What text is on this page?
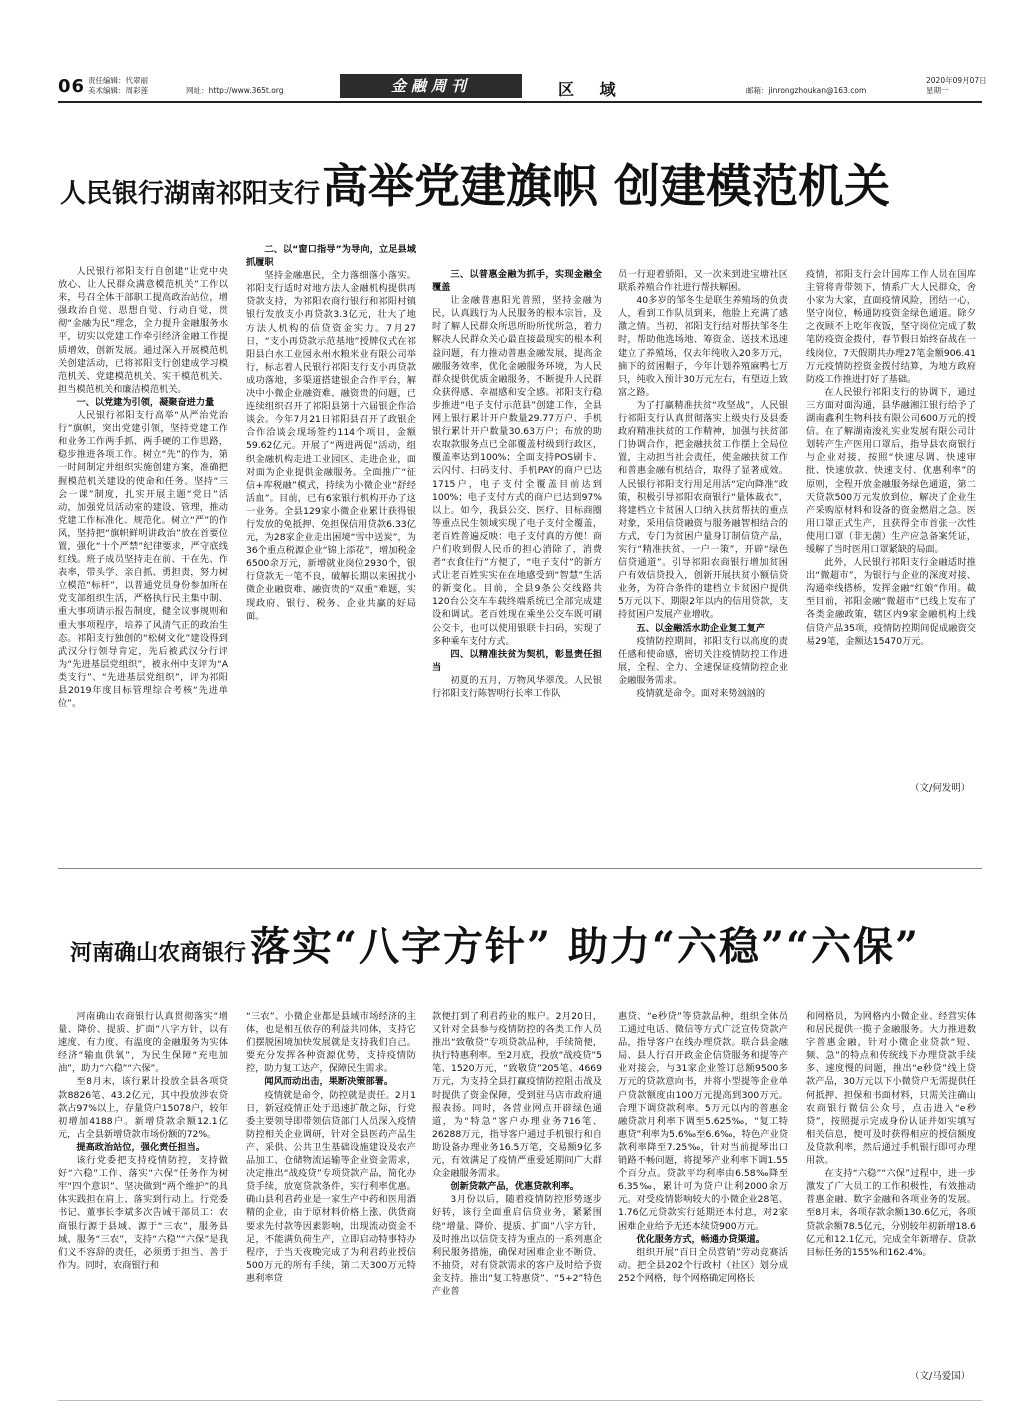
06 责任编辑：代翠丽
美术编辑：周彩莲	网址：http://www.365t.org	金融周刊	区 域	邮箱：jinrongzhoukan@163.com
2020年09月07日
星期一
人民银行湖南祁阳支行高举党建旗帜 创建模范机关

人民银行祁阳支行自创建“让党中央放心、让人民群众满意模范机关”工作以来，号召全体干部职工提高政治站位，增强政治自觉、思想自觉、行动自觉，贯彻“金融为民”理念，全力提升金融服务水平，切实以党建工作牵引经济金融工作提质增效，创新发展。通过深入开展模范机关创建活动，已将祁阳支行创建成学习模范机关、党建模范机关、实干模范机关、担当模范机关和廉洁模范机关。

一、以党建为引领，凝聚奋进力量

人民银行祁阳支行高举“从严治党治行”旗帜，突出党建引领，坚持党建工作和业务工作两手抓、两手硬的工作思路，稳步推进各项工作。树立“先”的作为，第一时间制定并组织实施创建方案，准确把握模范机关建设的使命和任务。坚持“三会一课”制度，扎实开展主题“党日”活动，加强党员活动室的建设、管理，推动党建工作标准化、规范化。树立“严”的作风，坚持把“旗帜鲜明讲政治”放在首要位置，强化“十个严禁”纪律要求，严守底线红线。班子成员坚持走在前、干在先、作表率，带头学、亲自抓、勇担责，努力树立模范“标杆”，以普通党员身份参加所在党支部组织生活，严格执行民主集中制、重大事项请示报告制度，健全议事规则和重大事项程序，培养了风清气正的政治生态。祁阳支行独创的“松树文化”建设得到武汉分行领导肯定，先后被武汉分行评为“先进基层党组织”，被永州中支评为“A类支行”、“先进基层党组织”，评为祁阳县2019年度目标管理综合考核“先进单位”。

二、以“窗口指导”为导向，立足县域抓履职

坚持金融惠民，全力落细落小落实。祁阳支行适时对地方法人金融机构提供再贷款支持，为祁阳农商行银行和祁阳村镇银行发放支小再贷款3.3亿元，壮大了地方法人机构的信贷资金实力。7月27日，“支小再贷款示范基地”授牌仪式在祁阳县白水工业园永州水粮米业有限公司举行，标志着人民银行祁阳支行支小再贷款成功落地，多渠道搭建银企合作平台，解决中小微企业融资难、融资贵的问题，已连续组织召开了祁阳县第十六届银企作洽谈会。今年7月21日祁阳县召开了政银企合作洽谈会现场签约114个项目，金额59.62亿元。开展了“两进两促”活动，组织金融机构走进工业园区、走进企业，面对面为企业提供金融服务。全面推广“征信+库税融”模式，持续为小微企业“舒经活血”。目前，已有6家银行机构开办了这一业务。全县129家小微企业累计获得银行发放的免抵押、免担保信用贷款6.33亿元，为28家企业走出困境“雪中送炭”，为36个重点税源企业“锦上添花”，增加税金6500余万元，新增就业岗位2930个，银行贷款无一笔不良，破解长期以来困扰小微企业融资难、融资贵的“双重”难题，实现政府、银行、税务、企业共赢的好局面。

三、以普惠金融为抓手，实现金融全覆盖

让金融普惠阳光普照，坚持金融为民，认真践行为人民服务的根本宗旨，及时了解人民群众所思所盼所忧所急，着力解决人民群众关心最直接最现实的根本利益问题，有力推动普惠金融发展，提高金融服务效率，优化金融服务环境，为人民群众提供优质金融服务，不断提升人民群众获得感、幸福感和安全感。祁阳支行稳步推进“电子支付示范县”创建工作，全县网上银行累计开户数量29.77万户、手机银行累计开户数量30.63万户；布放的助农取款服务点已全部覆盖村级到行政区，覆盖率达到100%；全面支持POS刷卡、云闪付、扫码支付、手机PAY的商户已达1715户，电子支付全覆盖目前达到100%；电子支付方式的商户已达到97%以上。如今，我县公交、医疗、目标商圈等重点民生领域实现了电子支付全覆盖，老百姓普遍反映：电子支付真的方便！商户们收到假人民币的担心消除了，消费者“衣食住行”方便了，“电子支付”的新方式让老百姓实实在在地感受到“智慧”生活的新变化。目前，全县9条公交线路共120台公交车车载终端系统已全部完成建设和调试。老百姓现在乘坐公交车既可刷公交卡，也可以使用银联卡扫码，实现了多种乘车支付方式。

四、以精准扶贫为契机，彰显责任担当

初夏的五月，万物风华翠茂。人民银行祁阳支行陈智明行长率工作队

员一行迎着骄阳，又一次来到进宝塘社区联系养殖合作社进行帮扶解困。

40多岁的邹冬生是联生养殖场的负责人，看到工作队员到来，他脸上充满了感激之情。当初，祁阳支行结对帮扶邹冬生时，帮助他选场地、筹资金、送技术迅速建立了养殖场，仅去年纯收入20多万元，摘下的贫困帽子，今年计划养殖麻鸭七万只，纯收入预计30万元左右，有望迈上致富之路。

为了打赢精准扶贫“攻坚战”，人民银行祁阳支行认真贯彻落实上级央行及县委政府精准扶贫的工作精神，加强与扶贫部门协调合作，把金融扶贫工作摆上全局位置，主动担当社会责任，使金融扶贫工作和普惠金融有机结合，取得了显著成效。人民银行祁阳支行用足用活“定向降准”政策，积极引导祁阳农商银行“量体裁衣”，将建档立卡贫困人口纳入扶贫帮扶的重点对象，采用信贷融资与服务融智相结合的方式，专门为贫困户量身订制信贷产品，实行“精准扶贫、一户一策”，开辟“绿色信贷通道”。引导祁阳农商银行增加贫困户有效信贷投入，创新开展扶贫小额信贷业务，为符合条件的建档立卡贫困户提供5万元以下、期限2年以内的信用贷款，支持贫困户发展产业增收。

五、以金融活水助企业复工复产

疫情防控期间，祁阳支行以高度的责任感和使命感，密切关注疫情防控工作进展，全程、全力、全速保证疫情防控企业金融服务需求。

疫情就是命令。面对来势汹汹的

疫情，祁阳支行会计国库工作人员在国库主管将青带领下，情系广大人民群众，舍小家为大家，直面疫情风险，团结一心，坚守岗位，畅通防疫资金绿色通道。除夕之夜顾不上吃年夜饭，坚守岗位完成了数笔防疫资金拨付，春节假日始终奋战在一线岗位，7天假期共办理27笔金额906.41万元疫情防控资金拨付结算，为地方政府防疫工作推进打好了基础。

在人民银行祁阳支行的协调下，通过三方面对面沟通，县华融湘江银行给予了湖南鑫利生物科技有限公司600万元的授信。在了解湖南浚礼实业发展有限公司计划转产生产医用口罩后，指导县农商银行与企业对接，按照“快速尽调、快速审批、快速放款、快速支付、优惠利率”的原则，全程开放金融服务绿色通道，第二天贷款500万元发放到位，解决了企业生产采购原材料和设备的资金燃眉之急。医用口罩正式生产，且获得全市首张一次性使用口罩（非无菌）生产应急备案凭证，缓解了当时医用口罩紧缺的局面。

此外，人民银行祁阳支行金融适时推出“微超市”，为银行与企业的深度对接、沟通牵线搭桥，发挥金融“红娘”作用。截至目前，祁阳金融“微超市”已线上发布了各类金融政策，辖区内9家金融机构上线信贷产品35项，疫情防控期间促成融资交易29笔，金额达15470万元。

（文/何发明）
河南确山农商银行 落实“八字方针” 助力“六稳”“六保”

河南确山农商银行认真贯彻落实“增量、降价、提质、扩面”八字方针，以有速度、有力度、有温度的金融服务为实体经济“输血供氧”，为民生保障“充电加油”，助力“六稳”“六保”。

至8月末，该行累计投放全县各项贷款8826笔、43.2亿元，其中投放涉农贷款占97%以上，存量贷户15078户，较年初增加4188户。新增贷款余额12.1亿元，占全县新增贷款市场份额的72%。

提高政治站位，强化责任担当。

该行党委把支持疫情防控，支持做好“六稳”工作、落实“六保”任务作为树牢“四个意识”、坚决做到“两个维护”的具体实践担在肩上、落实到行动上。行党委书记、董事长李斌多次告诫干部员工：农商银行源于县域、源于“三农”，服务县域、服务“三农”，支持“六稳”“六保”是我们义不容辞的责任，必须勇于担当、善于作为。同时，农商银行和

“三农”、小微企业都是县域市场经济的主体，也是相互依存的利益共同体，支持它们摆脱困境加快发展就是支持我们自己。要充分发挥各种资源优势，支持疫情防控，助力复工达产，保障民生需求。

闻风而动出击，果断决策部署。

疫情就是命令，防控就是责任。2月1日，新冠疫情正处于迅速扩散之际，行党委主要领导即带领信贷部门人员深入疫情防控相关企业调研，针对全县医药产品生产、采供、公共卫生基础设施建设及农产品加工、仓储物流运输等企业资金需求，决定推出“战疫贷”专项贷款产品，简化办贷手续，放宽贷款条件，实行利率优惠。确山县利君药业是一家生产中药和医用酒精的企业，由于原材料价格上涨、供货商要求先付款等因素影响，出现流动资金不足，不能满负荷生产，立即启动特事特办程序，于当天夜晚完成了为利君药业授信500万元的所有手续，第二天300万元特惠利率贷

款便打到了利君药业的账户。2月20日，又针对全县参与疫情防控的各类工作人员推出“致敬贷”专项贷款品种，手续简便，执行特惠利率。至2月底，投放“战疫贷”5笔、1520万元，“致敬贷”205笔、4669万元，为支持全县打赢疫情防控阻击战及时提供了资金保障，受到驻马店市政府通报表扬。同时，各营业网点开辟绿色通道，为“特急”客户办理业务716笔、26288万元，指导客户通过手机银行和自助设备办理业务16.5万笔，交易额9亿多元，有效满足了疫情严重爱延期间广大群众金融服务需求。

创新贷款产品，优惠贷款利率。

3月份以后，随着疫情防控形势逐步好转，该行全面重启信贷业务，紧紧围绕“增量、降价、提质、扩面”八字方针，及时推出以信贷支持为重点的一系列惠企利民服务措施，确保对困难企业不断贷、不抽贷，对有贷款需求的客户及时给予资金支持。推出“复工特惠贷”、“5+2”特色产业普

惠贷、“e秒贷”等贷款品种，组织全体员工通过电话、微信等方式广泛宣传贷款产品，指导客户在线办理贷款。联合县金融局、县人行召开政金企信贷服务和提等产业对接会，与31家企业签订总额9500多万元的贷款意向书，并将小型提等企业单户贷款额度由100万元提高到300万元。合理下调贷款利率。5万元以内的普惠金融贷款月利率下调至5.625‰，“复工特惠贷”利率为5.6‰至6.6‰，特色产业贷款利率降至7.25‰，针对当前提琴出口销路不畅问题，将提琴产业利率下调1.55个百分点。贷款平均利率由6.58‰降至6.35‰，累计可为贷户让利2000余万元。对受疫情影响较大的小微企业28笔、1.76亿元贷款实行延期还本付息，对2家困难企业给予无还本续贷900万元。

优化服务方式，畅通办贷渠道。

组织开展“百日全员营销”劳动竞赛活动。把全县202个行政村（社区）划分成252个网格，每个网格确定网格长

和网格员，为网格内小微企业、经营实体和居民提供一揽子金融服务。大力推进数字普惠金融，针对小微企业贷款“短、频、急”的特点和传统线下办理贷款手续多、速度慢的问题，推出“e秒贷”线上贷款产品，30万元以下小微贷户无需提供任何抵押、担保和书面材料，只需关注确山农商银行微信公众号，点击进入“e秒贷”，按照提示完成身份认证并如实填写相关信息，便可及时获得相应的授信额度及贷款利率，然后通过手机银行即可办理用款。

在支持“六稳”“六保”过程中，进一步激发了广大员工的工作积极性，有效推动普惠金融、数字金融和各项业务的发展。至8月末，各项存款余额130.6亿元，各项贷款余额78.5亿元，分别较年初新增18.6亿元和12.1亿元，完成全年新增存、贷款目标任务的155%和162.4%。

（文/马爱国）
